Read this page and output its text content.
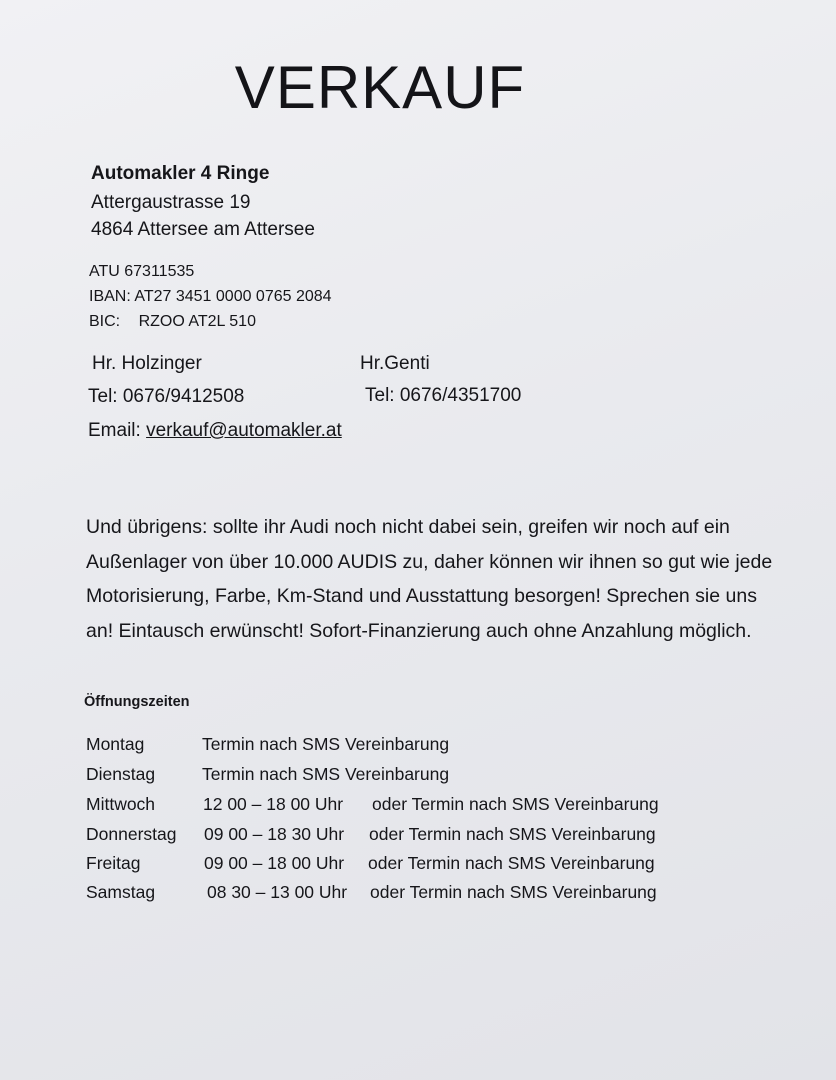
VERKAUF
Automakler 4 Ringe
Attergaustrasse 19
4864 Attersee am Attersee
ATU 67311535
IBAN: AT27 3451 0000 0765 2084
BIC: RZOO AT2L 510
Hr. Holzinger	Hr.Genti
Tel: 0676/9412508	Tel: 0676/4351700
Email: verkauf@automakler.at
Und übrigens: sollte ihr Audi noch nicht dabei sein, greifen wir noch auf ein Außenlager von über 10.000 AUDIS zu, daher können wir ihnen so gut wie jede Motorisierung, Farbe, Km-Stand und Ausstattung besorgen! Sprechen sie uns an! Eintausch erwünscht! Sofort-Finanzierung auch ohne Anzahlung möglich.
Öffnungszeiten
Montag	Termin nach SMS Vereinbarung
Dienstag	Termin nach SMS Vereinbarung
Mittwoch	12 00 – 18 00 Uhr oder Termin nach SMS Vereinbarung
Donnerstag 09 00 – 18 30 Uhr oder Termin nach SMS Vereinbarung
Freitag	09 00 – 18 00 Uhr oder Termin nach SMS Vereinbarung
Samstag	08 30 – 13 00 Uhr oder Termin nach SMS Vereinbarung
